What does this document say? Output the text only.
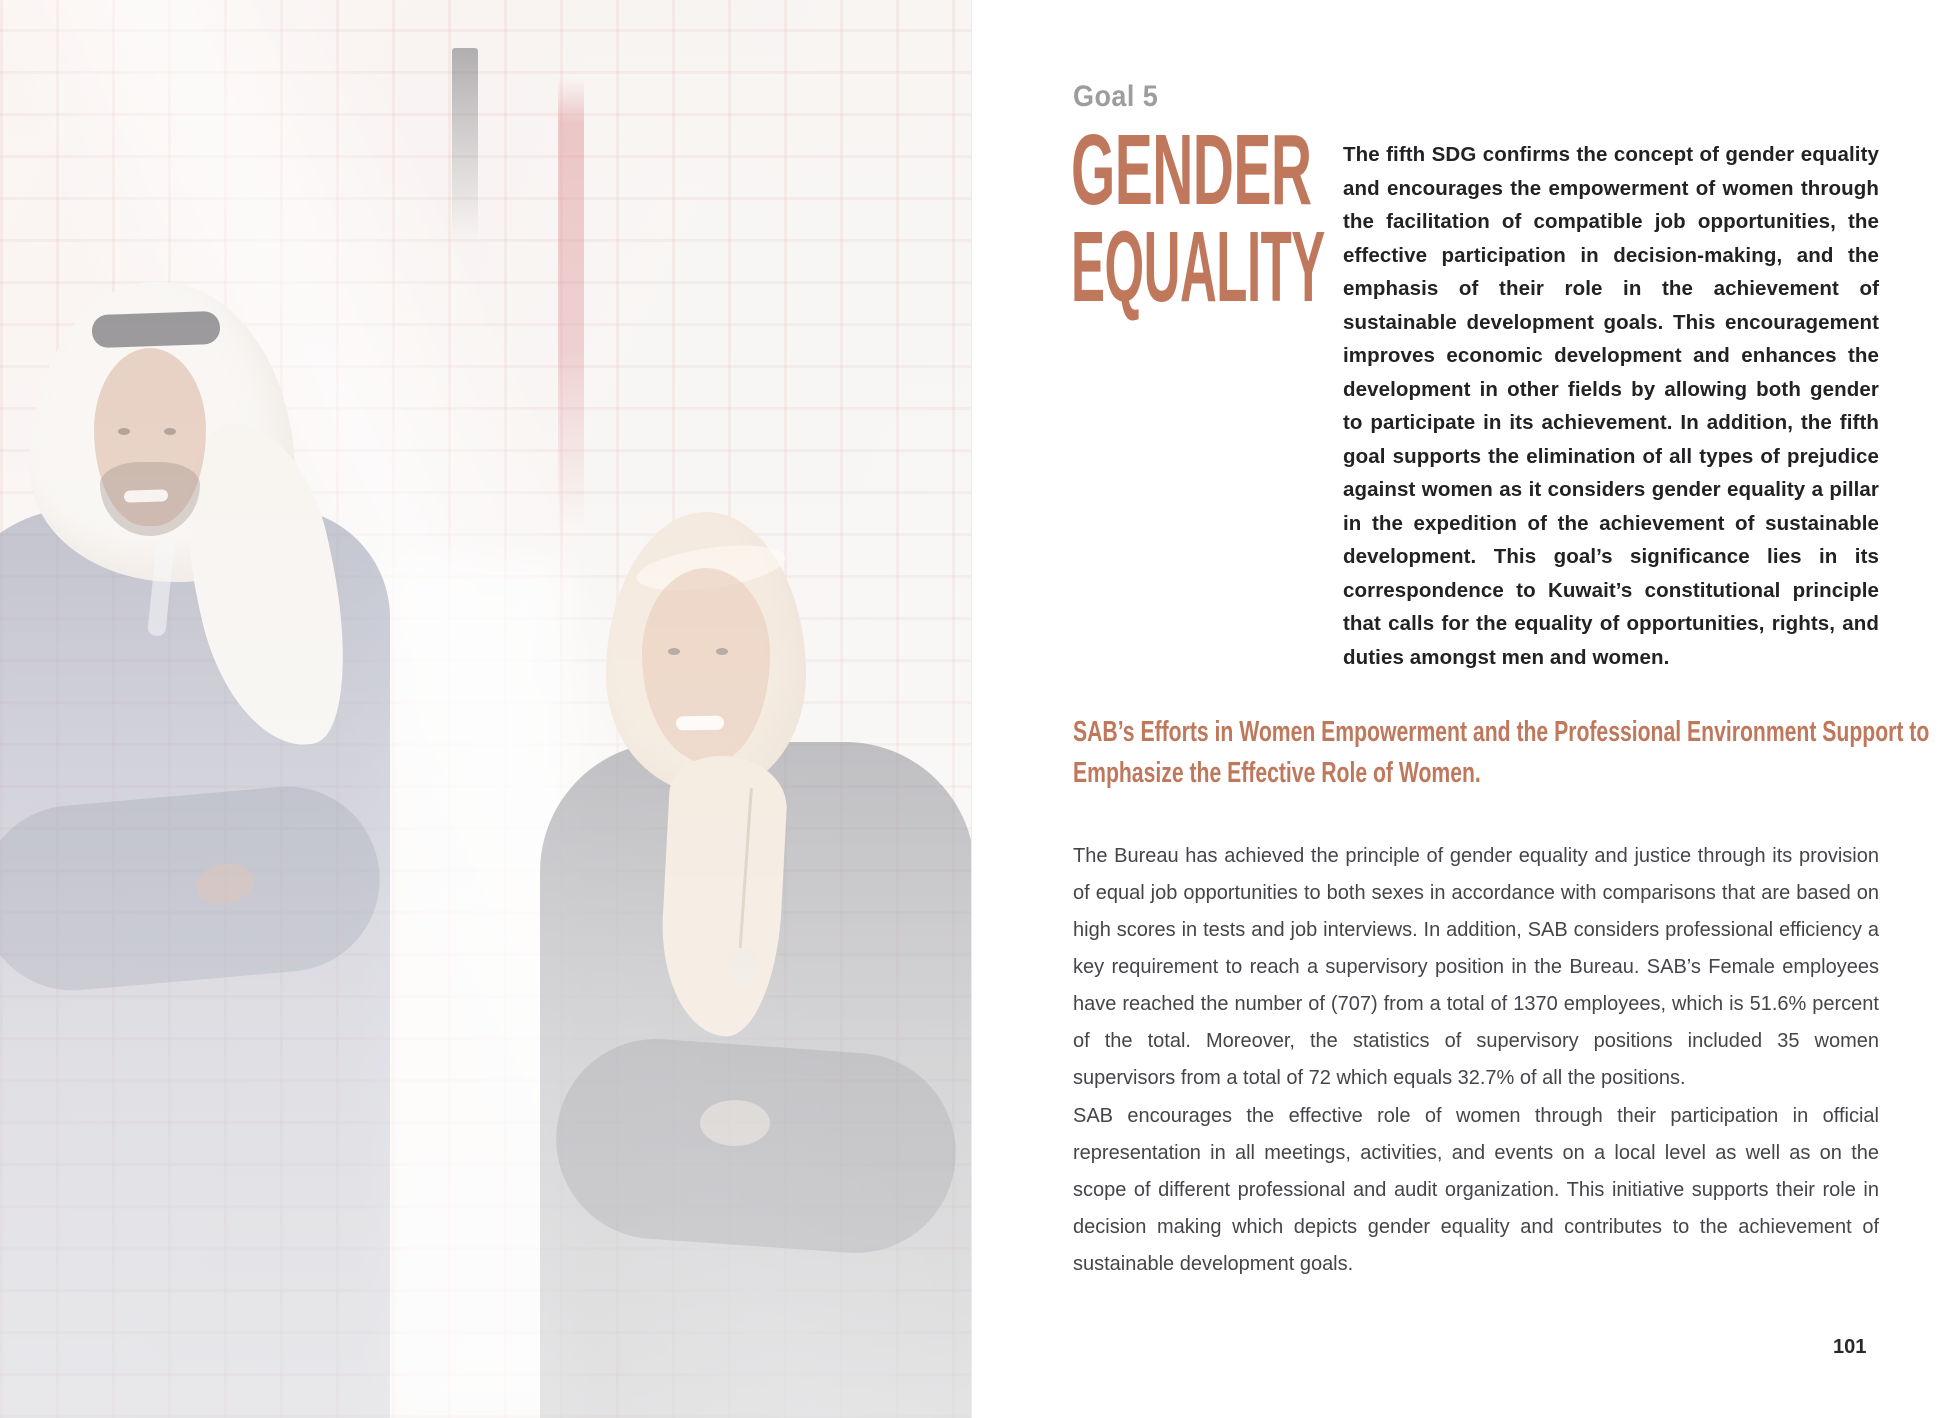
Goal 5
GENDER
EQUALITY
The fifth SDG confirms the concept of gender equality and encourages the empowerment of women through the facilitation of compatible job opportunities, the effective participation in decision-making, and the emphasis of their role in the achievement of sustainable development goals. This encouragement improves economic development and enhances the development in other fields by allowing both gender to participate in its achievement. In addition, the fifth goal supports the elimination of all types of prejudice against women as it considers gender equality a pillar in the expedition of the achievement of sustainable development. This goal’s significance lies in its correspondence to Kuwait’s constitutional principle that calls for the equality of opportunities, rights, and duties amongst men and women.
SAB’s Efforts in Women Empowerment and the Professional Environment Support to
Emphasize the Effective Role of Women.
The Bureau has achieved the principle of gender equality and justice through its provision of equal job opportunities to both sexes in accordance with comparisons that are based on high scores in tests and job interviews. In addition, SAB considers professional efficiency a key requirement to reach a supervisory position in the Bureau. SAB’s Female employees have reached the number of (707) from a total of 1370 employees, which is 51.6% percent of the total. Moreover, the statistics of supervisory positions included 35 women supervisors from a total of 72 which equals 32.7% of all the positions.
SAB encourages the effective role of women through their participation in official representation in all meetings, activities, and events on a local level as well as on the scope of different professional and audit organization. This initiative supports their role in decision making which depicts gender equality and contributes to the achievement of sustainable development goals.
101
